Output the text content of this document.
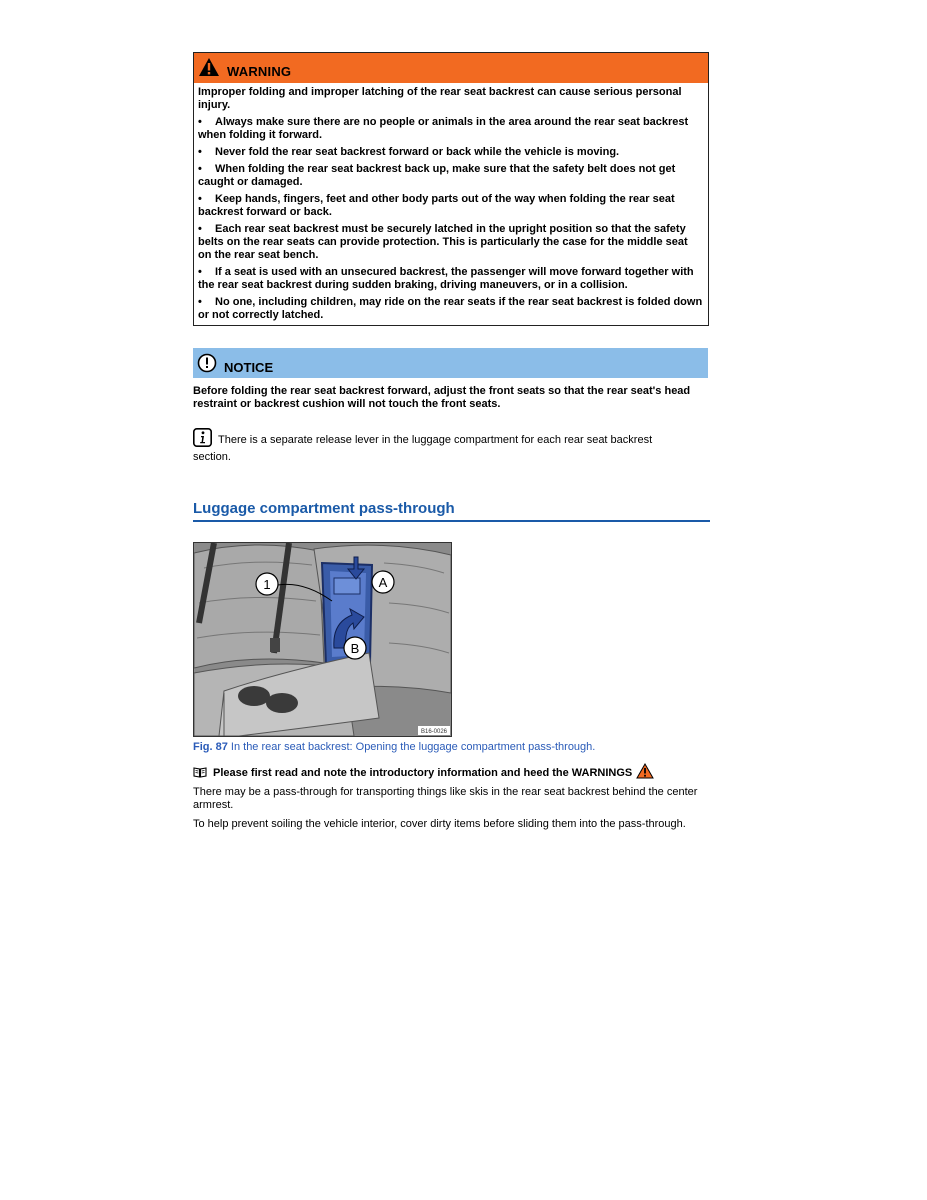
WARNING

Improper folding and improper latching of the rear seat backrest can cause serious personal injury.

• Always make sure there are no people or animals in the area around the rear seat backrest when folding it forward.
• Never fold the rear seat backrest forward or back while the vehicle is moving.
• When folding the rear seat backrest back up, make sure that the safety belt does not get caught or damaged.
• Keep hands, fingers, feet and other body parts out of the way when folding the rear seat backrest forward or back.
• Each rear seat backrest must be securely latched in the upright position so that the safety belts on the rear seats can provide protection. This is particularly the case for the middle seat on the rear seat bench.
• If a seat is used with an unsecured backrest, the passenger will move forward together with the rear seat backrest during sudden braking, driving maneuvers, or in a collision.
• No one, including children, may ride on the rear seats if the rear seat backrest is folded down or not correctly latched.
NOTICE
Before folding the rear seat backrest forward, adjust the front seats so that the rear seat's head restraint or backrest cushion will not touch the front seats.
There is a separate release lever in the luggage compartment for each rear seat backrest section.
Luggage compartment pass-through
1	A
B
B16-0026
Fig. 87 In the rear seat backrest: Opening the luggage compartment pass-through.
Please first read and note the introductory information and heed the WARNINGS
There may be a pass-through for transporting things like skis in the rear seat backrest behind the center armrest.
To help prevent soiling the vehicle interior, cover dirty items before sliding them into the pass-through.
